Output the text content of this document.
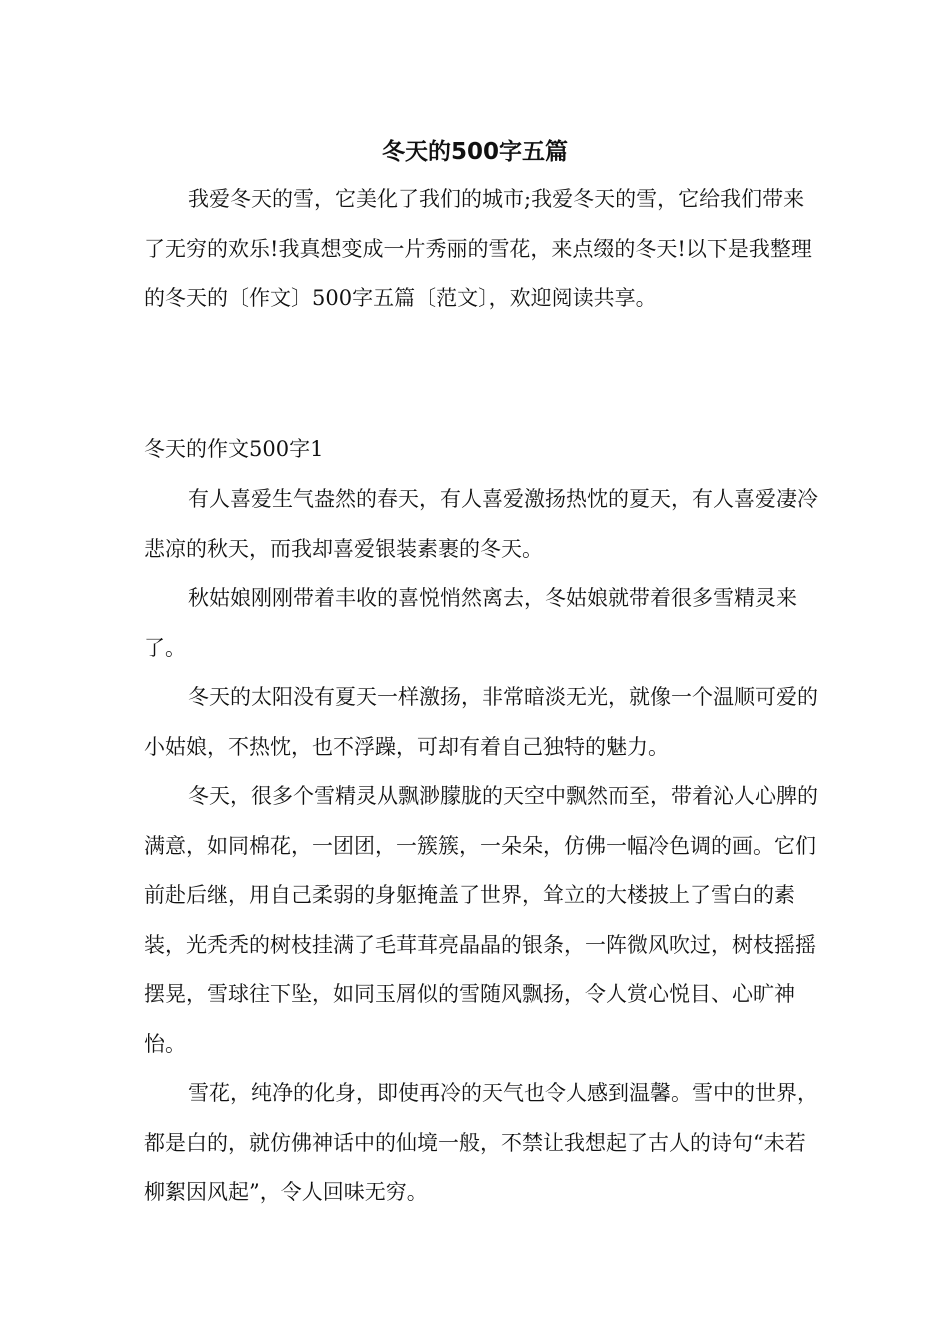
冬天的500字五篇

我爱冬天的雪，它美化了我们的城市;我爱冬天的雪，它给我们带来了无穷的欢乐!我真想变成一片秀丽的雪花，来点缀的冬天!以下是我整理的冬天的〔作文〕500字五篇〔范文〕，欢迎阅读共享。

冬天的作文500字1

有人喜爱生气盎然的春天，有人喜爱激扬热忱的夏天，有人喜爱凄冷悲凉的秋天，而我却喜爱银装素裹的冬天。

秋姑娘刚刚带着丰收的喜悦悄然离去，冬姑娘就带着很多雪精灵来了。

冬天的太阳没有夏天一样激扬，非常暗淡无光，就像一个温顺可爱的小姑娘，不热忱，也不浮躁，可却有着自己独特的魅力。

冬天，很多个雪精灵从飘渺朦胧的天空中飘然而至，带着沁人心脾的满意，如同棉花，一团团，一簇簇，一朵朵，仿佛一幅冷色调的画。它们前赴后继，用自己柔弱的身躯掩盖了世界，耸立的大楼披上了雪白的素装，光秃秃的树枝挂满了毛茸茸亮晶晶的银条，一阵微风吹过，树枝摇摇摆晃，雪球往下坠，如同玉屑似的雪随风飘扬，令人赏心悦目、心旷神怡。

雪花，纯净的化身，即使再冷的天气也令人感到温馨。雪中的世界，都是白的，就仿佛神话中的仙境一般，不禁让我想起了古人的诗句“未若柳絮因风起”，令人回味无穷。
